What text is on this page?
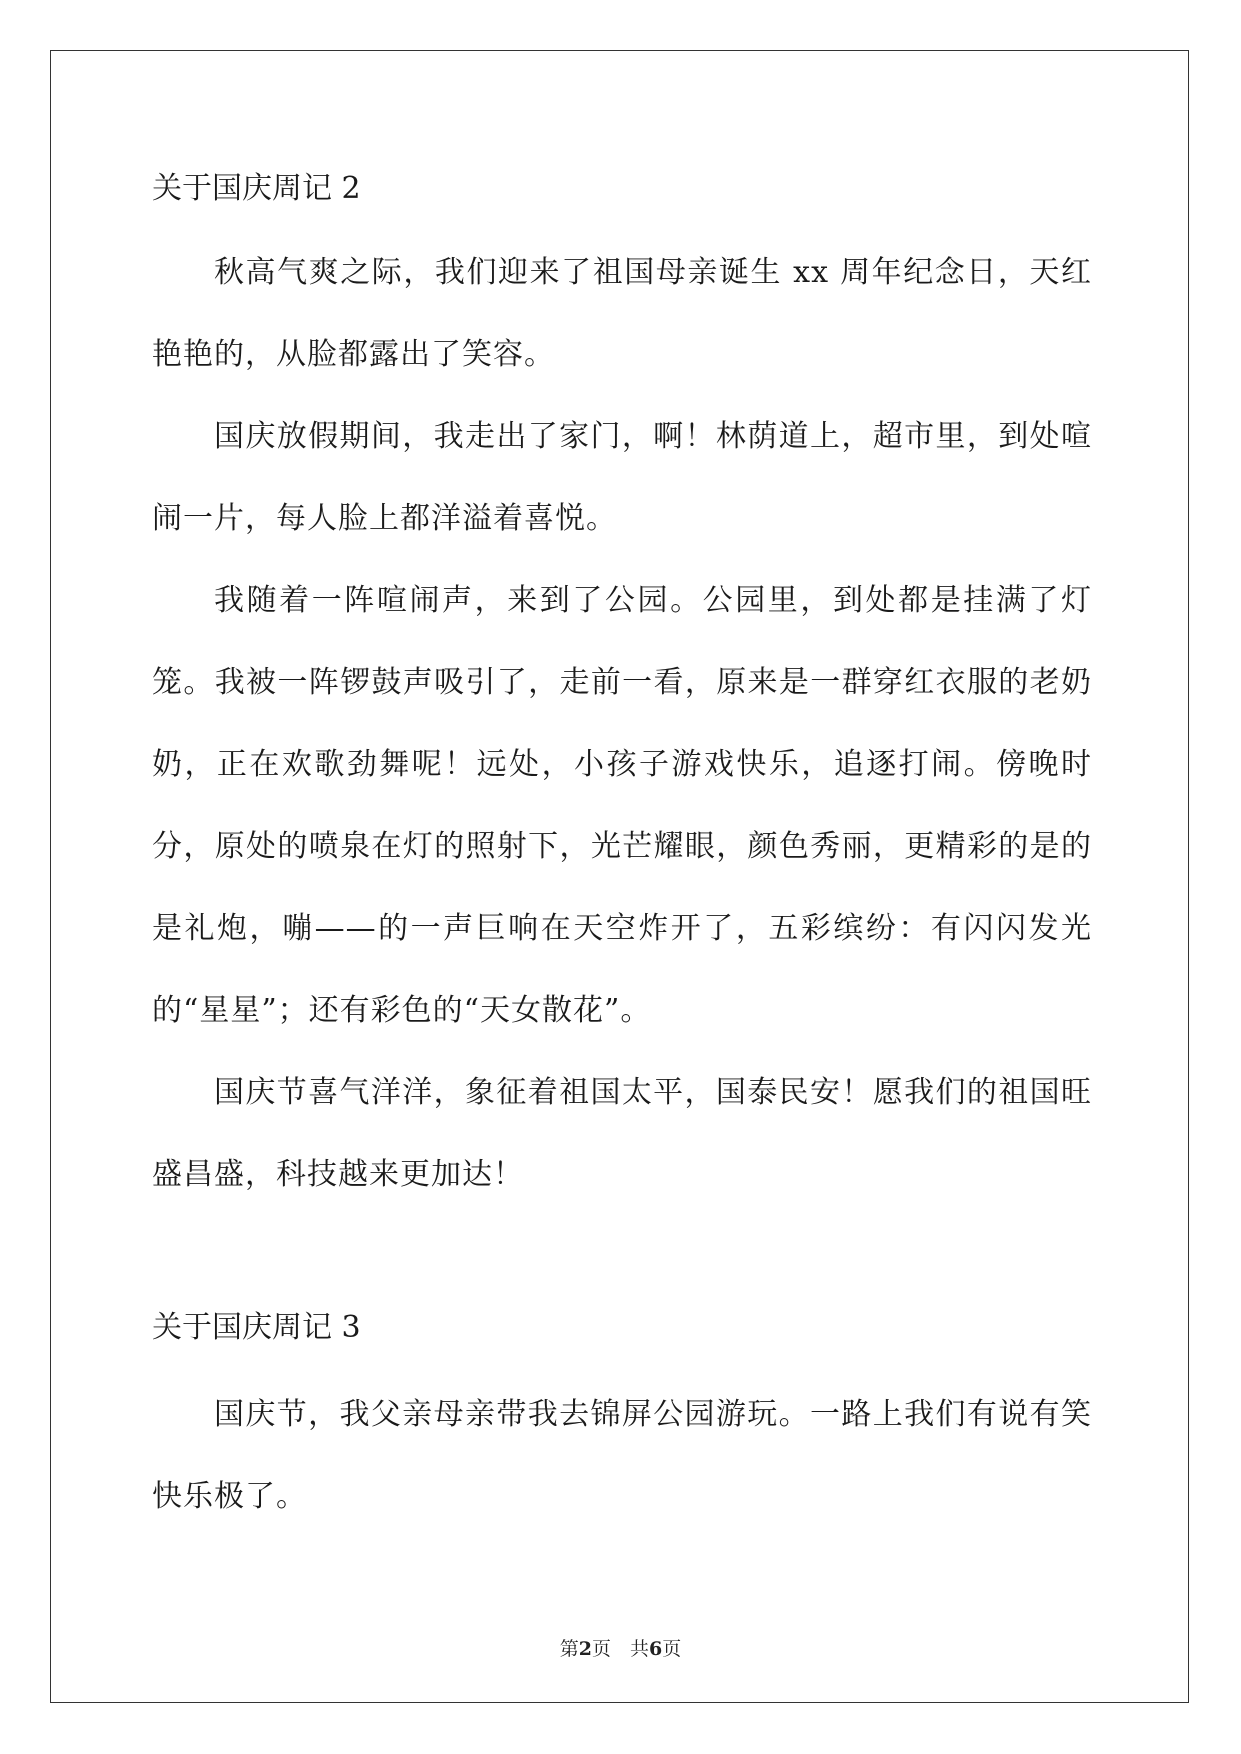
关于国庆周记 2

秋高气爽之际，我们迎来了祖国母亲诞生 xx 周年纪念日，天红艳艳的，从脸都露出了笑容。

国庆放假期间，我走出了家门，啊！林荫道上，超市里，到处喧闹一片，每人脸上都洋溢着喜悦。

我随着一阵喧闹声，来到了公园。公园里，到处都是挂满了灯笼。我被一阵锣鼓声吸引了，走前一看，原来是一群穿红衣服的老奶奶，正在欢歌劲舞呢！远处，小孩子游戏快乐，追逐打闹。傍晚时分，原处的喷泉在灯的照射下，光芒耀眼，颜色秀丽，更精彩的是的是礼炮，嘣——的一声巨响在天空炸开了，五彩缤纷：有闪闪发光的“星星”；还有彩色的“天女散花”。

国庆节喜气洋洋，象征着祖国太平，国泰民安！愿我们的祖国旺盛昌盛，科技越来更加达！

关于国庆周记 3

国庆节，我父亲母亲带我去锦屏公园游玩。一路上我们有说有笑快乐极了。

第2页　共6页
